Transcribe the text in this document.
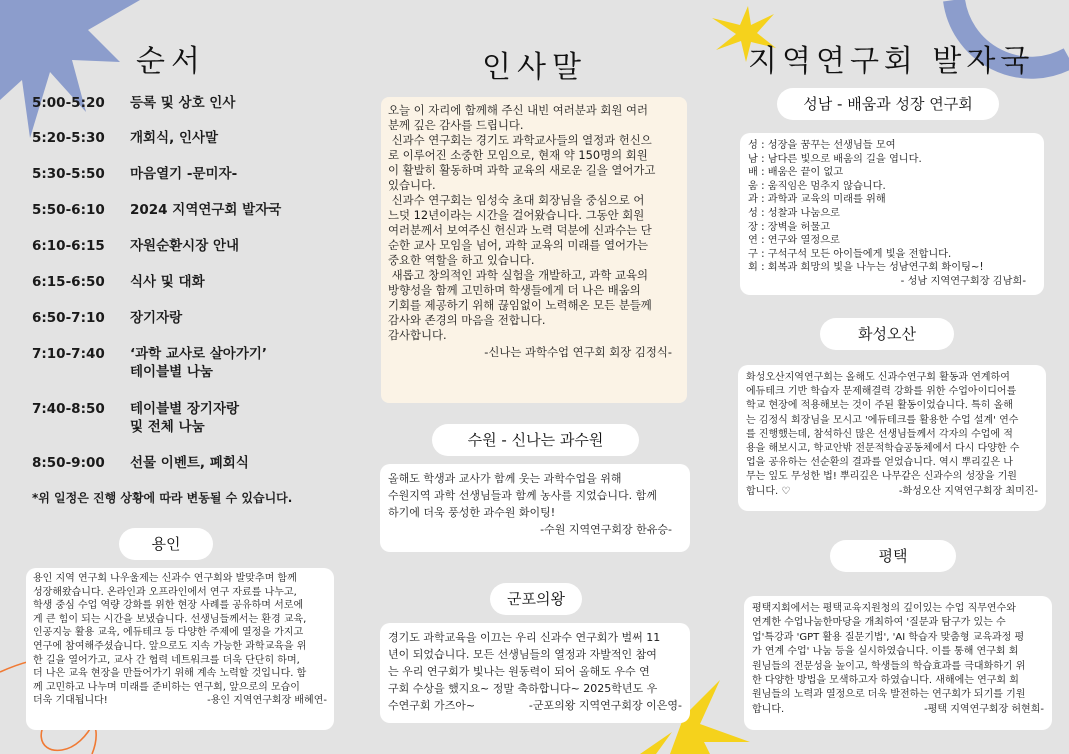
순서	인사말	지역연구회 발자국
5:00-5:20	등록 및 상호 인사
5:20-5:30	개회식, 인사말
5:30-5:50	마음열기 -문미자-
5:50-6:10	2024 지역연구회 발자국
6:10-6:15	자원순환시장 안내
6:15-6:50	식사 및 대화
6:50-7:10	장기자랑
7:10-7:40	‘과학 교사로 살아가기’
테이블별 나눔
7:40-8:50	테이블별 장기자랑
및 전체 나눔
8:50-9:00	선물 이벤트, 폐회식
*위 일정은 진행 상황에 따라 변동될 수 있습니다.
용인

용인 지역 연구회 나우울제는 신과수 연구회와 발맞추며 함께

성장해왔습니다. 온라인과 오프라인에서 연구 자료를 나누고,

학생 중심 수업 역량 강화를 위한 현장 사례를 공유하며 서로에

게 큰 힘이 되는 시간을 보냈습니다. 선생님들께서는 환경 교육,

인공지능 활용 교육, 에듀테크 등 다양한 주제에 열정을 가지고

연구에 참여해주셨습니다. 앞으로도 지속 가능한 과학교육을 위

한 길을 열어가고, 교사 간 협력 네트워크를 더욱 단단히 하며,

더 나은 교육 현장을 만들어가기 위해 계속 노력할 것입니다. 함

께 고민하고 나누며 미래를 준비하는 연구회, 앞으로의 모습이

더욱 기대됩니다!	-용인 지역연구회장 배혜연-

오늘 이 자리에 함께해 주신 내빈 여러분과 회원 여러

분께 깊은 감사를 드립니다.

신과수 연구회는 경기도 과학교사들의 열정과 헌신으

로 이루어진 소중한 모임으로, 현재 약 150명의 회원

이 활발히 활동하며 과학 교육의 새로운 길을 열어가고

있습니다.

신과수 연구회는 임성숙 초대 회장님을 중심으로 어

느덧 12년이라는 시간을 걸어왔습니다. 그동안 회원

여러분께서 보여주신 헌신과 노력 덕분에 신과수는 단

순한 교사 모임을 넘어, 과학 교육의 미래를 열어가는

중요한 역할을 하고 있습니다.

새롭고 창의적인 과학 실험을 개발하고, 과학 교육의

방향성을 함께 고민하며 학생들에게 더 나은 배움의

기회를 제공하기 위해 끊임없이 노력해온 모든 분들께

감사와 존경의 마음을 전합니다.

감사합니다.

-신나는 과학수업 연구회 회장 김정식-

수원 - 신나는 과수원

올해도 학생과 교사가 함께 웃는 과학수업을 위해

수원지역 과학 선생님들과 함께 농사를 지었습니다. 함께

하기에 더욱 풍성한 과수원 화이팅!

-수원 지역연구회장 한유승-

군포의왕

경기도 과학교육을 이끄는 우리 신과수 연구회가 벌써 11

년이 되었습니다. 모든 선생님들의 열정과 자발적인 참여

는 우리 연구회가 빛나는 원동력이 되어 올해도 우수 연

구회 수상을 했지요~ 정말 축하합니다~ 2025학년도 우

수연구회 가즈아~	-군포의왕 지역연구회장 이은영-

성남 - 배움과 성장 연구회

성 : 성장을 꿈꾸는 선생님들 모여

남 : 남다른 빛으로 배움의 길을 엽니다.

배 : 배움은 끝이 없고

움 : 움직임은 멈추지 않습니다.

과 : 과학과 교육의 미래를 위해

성 : 성찰과 나눔으로

장 : 장벽을 허물고

연 : 연구와 열정으로

구 : 구석구석 모든 아이들에게 빛을 전합니다.

회 : 회복과 희망의 빛을 나누는 성남연구회 화이팅~!

- 성남 지역연구회장 김남희-

화성오산

화성오산지역연구회는 올해도 신과수연구회 활동과 연계하여

에듀테크 기반 학습자 문제해결력 강화를 위한 수업아이디어를

학교 현장에 적용해보는 것이 주된 활동이었습니다. 특히 올해

는 김정식 회장님을 모시고 '에듀테크를 활용한 수업 설계' 연수

를 진행했는데, 참석하신 많은 선생님들께서 각자의 수업에 적

용을 해보시고, 학교안밖 전문적학습공동체에서 다시 다양한 수

업을 공유하는 선순환의 결과를 얻었습니다. 역시 뿌리깊은 나

무는 잎도 무성한 법! 뿌리깊은 나무같은 신과수의 성장을 기원

합니다. ♡	-화성오산 지역연구회장 최미진-

평택

평택지회에서는 평택교육지원청의 깊이있는 수업 직무연수와

연계한 수업나눔한마당을 개최하여 '질문과 탐구가 있는 수

업'특강과 'GPT 활용 질문기법', 'AI 학습자 맞춤형 교육과정 평

가 연계 수업' 나눔 등을 실시하였습니다. 이를 통해 연구회 회

원님들의 전문성을 높이고, 학생들의 학습효과를 극대화하기 위

한 다양한 방법을 모색하고자 하였습니다. 새해에는 연구회 회

원님들의 노력과 열정으로 더욱 발전하는 연구회가 되기를 기원

합니다.	-평택 지역연구회장 허현희-
